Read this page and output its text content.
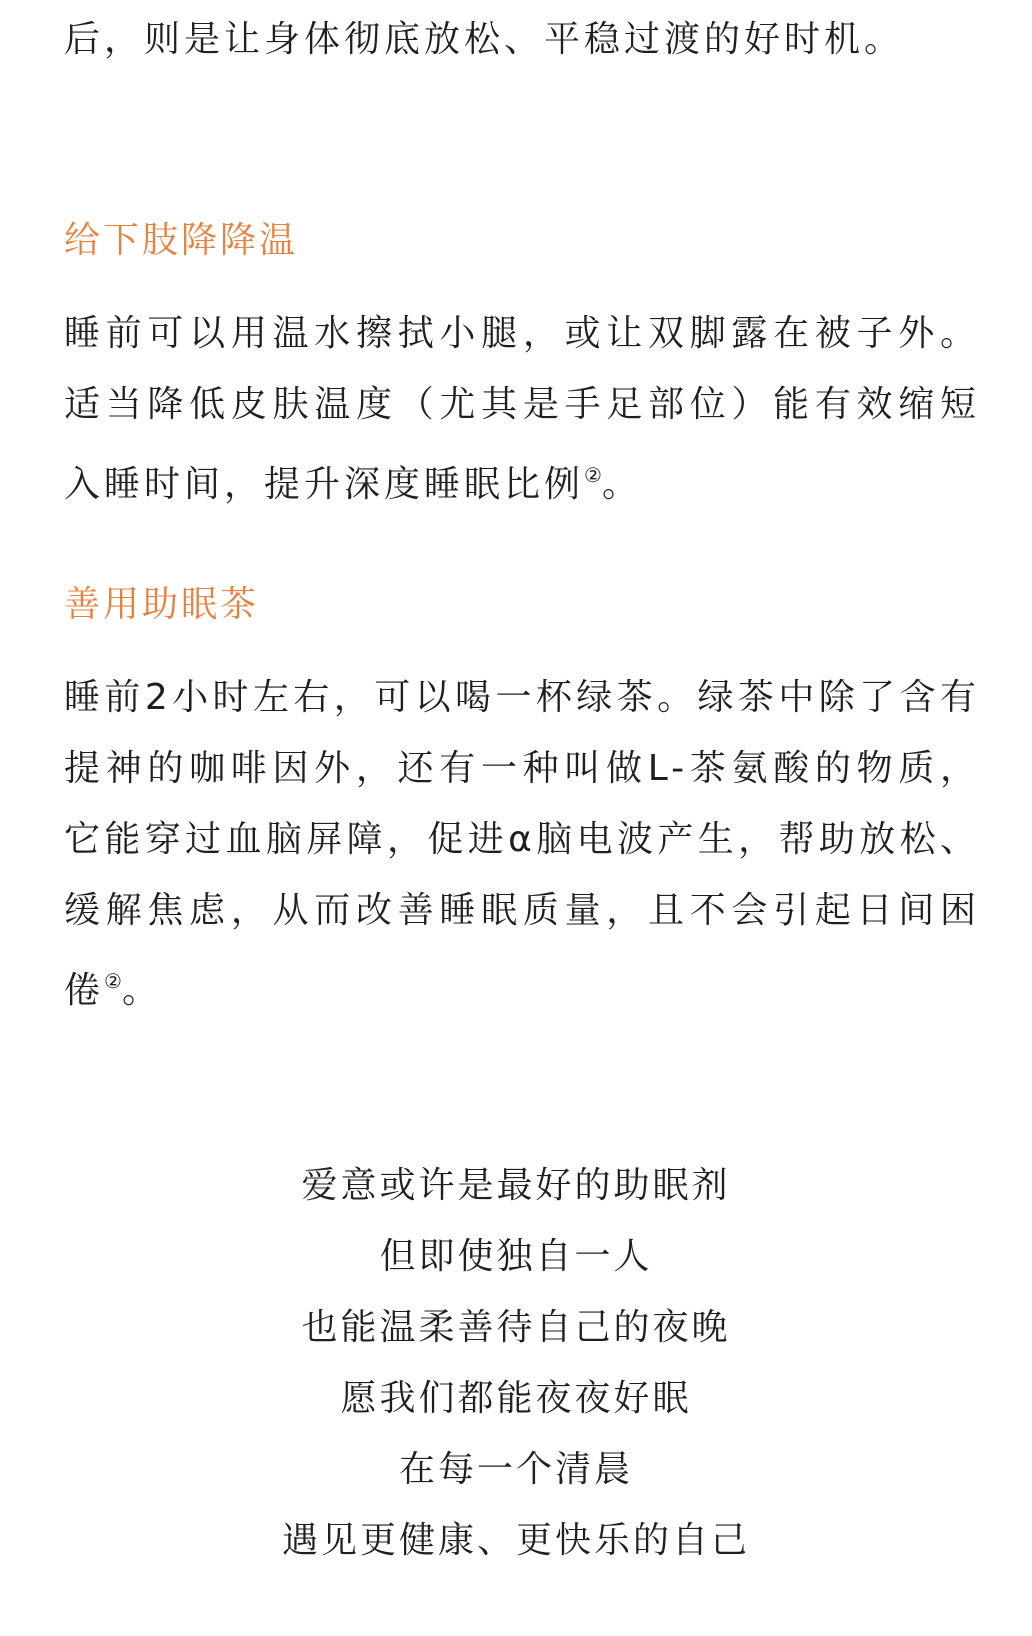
后，则是让身体彻底放松、平稳过渡的好时机。

给下肢降降温

睡前可以用温水擦拭小腿，或让双脚露在被子外。适当降低皮肤温度（尤其是手足部位）能有效缩短入睡时间，提升深度睡眠比例②。

善用助眠茶

睡前2小时左右，可以喝一杯绿茶。绿茶中除了含有提神的咖啡因外，还有一种叫做L-茶氨酸的物质，它能穿过血脑屏障，促进α脑电波产生，帮助放松、缓解焦虑，从而改善睡眠质量，且不会引起日间困倦②。

爱意或许是最好的助眠剂
但即使独自一人
也能温柔善待自己的夜晚
愿我们都能夜夜好眠
在每一个清晨
遇见更健康、更快乐的自己
